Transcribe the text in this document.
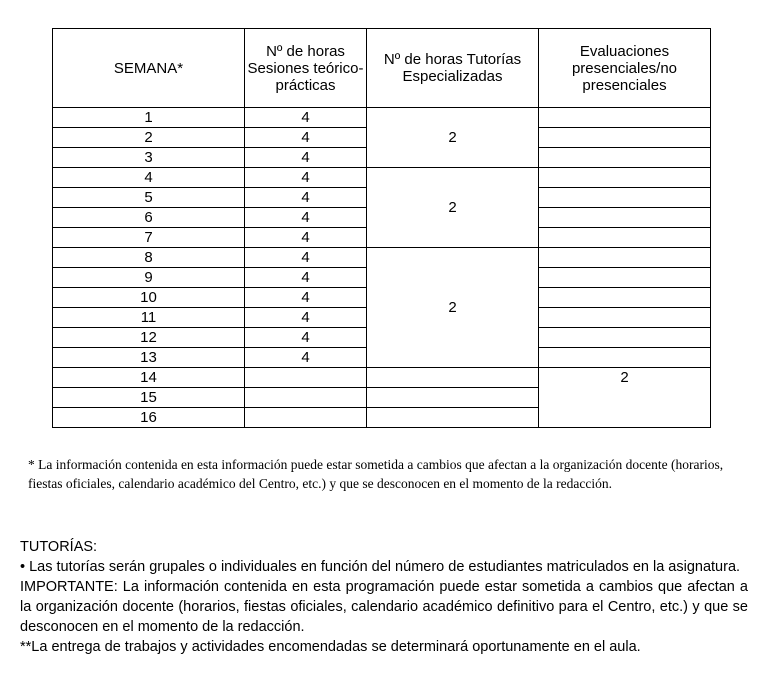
SEMANA*	Nº de horas Sesiones teórico-prácticas	Nº de horas Tutorías Especializadas	Evaluaciones presenciales/no presenciales
1	4	2	
2	4		
3	4		
4	4	2	
5	4		
6	4		
7	4		
8	4	2	
9	4		
10	4		
11	4		
12	4		
13	4		
14			2
15			
16			
* La información contenida en esta información puede estar sometida a cambios que afectan a la organización docente (horarios, fiestas oficiales, calendario académico del Centro, etc.) y que se desconocen en el momento de la redacción.

TUTORÍAS:

• Las tutorías serán grupales o individuales en función del número de estudiantes matriculados en la asignatura.

IMPORTANTE: La información contenida en esta programación puede estar sometida a cambios que afectan a la organización docente (horarios, fiestas oficiales, calendario académico definitivo para el Centro, etc.) y que se desconocen en el momento de la redacción.

**La entrega de trabajos y actividades encomendadas se determinará oportunamente en el aula.
